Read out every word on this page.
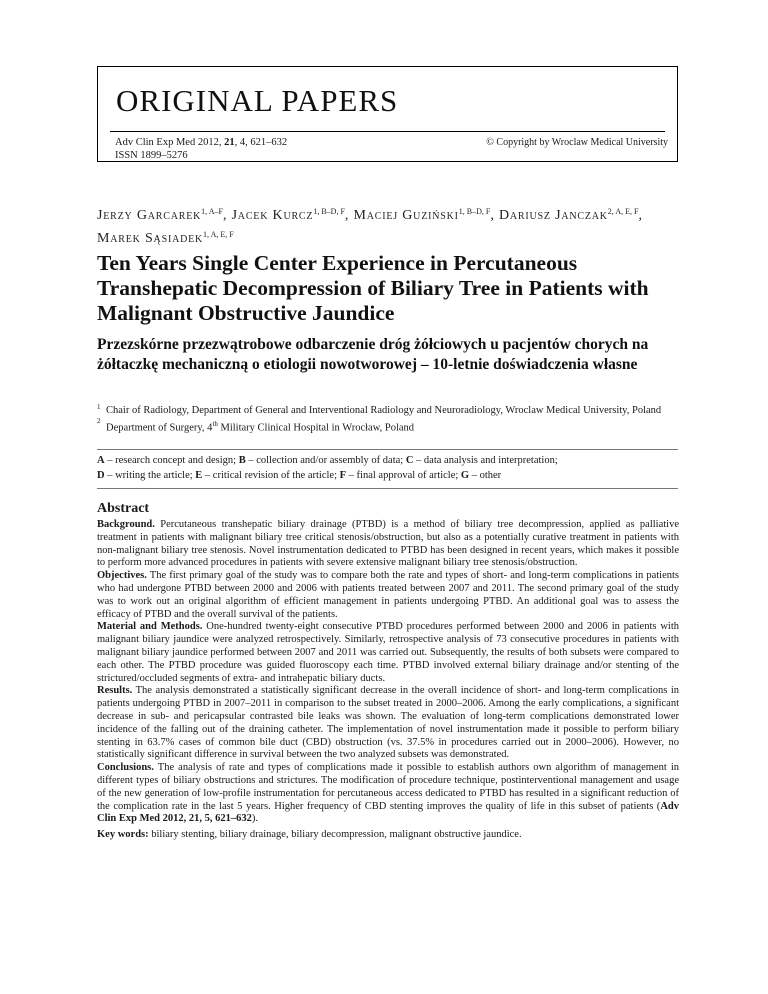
ORIGINAL PAPERS
Adv Clin Exp Med 2012, 21, 4, 621–632
ISSN 1899–5276
© Copyright by Wroclaw Medical University
Jerzy Garcarek$^{1, A-F}$, Jacek Kurcz$^{1, B-D, F}$, Maciej Guziński$^{1, B-D, F}$, Dariusz Janczak$^{2, A, E, F}$,
Marek Sąsiadek$^{1, A, E, F}$
Ten Years Single Center Experience in Percutaneous Transhepatic Decompression of Biliary Tree in Patients with Malignant Obstructive Jaundice
Przezskórne przezwątrobowe odbarczenie dróg żółciowych u pacjentów chorych na żółtaczkę mechaniczną o etiologii nowotworowej – 10-letnie doświadczenia własne
1 Chair of Radiology, Department of General and Interventional Radiology and Neuroradiology, Wroclaw Medical University, Poland
2
Department of Surgery, 4th Military Clinical Hospital in Wrocław, Poland
A – research concept and design; B – collection and/or assembly of data; C – data analysis and interpretation;
D – writing the article; E – critical revision of the article; F – final approval of article; G – other
Abstract

Background. Percutaneous transhepatic biliary drainage (PTBD) is a method of biliary tree decompression, applied as palliative treatment in patients with malignant biliary tree critical stenosis/obstruction, but also as a potentially curative treatment in patients with non-malignant biliary tree stenosis. Novel instrumentation dedicated to PTBD has been designed in recent years, which makes it possible to perform more advanced procedures in patients with severe extensive malignant biliary tree stenosis/obstruction.

Objectives. The first primary goal of the study was to compare both the rate and types of short- and long-term complications in patients who had undergone PTBD between 2000 and 2006 with patients treated between 2007 and 2011. The second primary goal of the study was to work out an original algorithm of efficient management in patients undergoing PTBD. An additional goal was to assess the efficacy of PTBD and the overall survival of the patients.

Material and Methods. One-hundred twenty-eight consecutive PTBD procedures performed between 2000 and 2006 in patients with malignant biliary jaundice were analyzed retrospectively. Similarly, retrospective analysis of 73 consecutive procedures in patients with malignant biliary jaundice performed between 2007 and 2011 was carried out. Subsequently, the results of both subsets were compared to each other. The PTBD procedure was guided fluoroscopy each time. PTBD involved external biliary drainage and/or stenting of the strictured/occluded segments of extra- and intrahepatic biliary ducts.

Results. The analysis demonstrated a statistically significant decrease in the overall incidence of short- and long-term complications in patients undergoing PTBD in 2007–2011 in comparison to the subset treated in 2000–2006. Among the early complications, a significant decrease in sub- and pericapsular contrasted bile leaks was shown. The evaluation of long-term complications demonstrated lower incidence of the falling out of the draining catheter. The implementation of novel instrumentation made it possible to perform biliary stenting in 63.7% cases of common bile duct (CBD) obstruction (vs. 37.5% in procedures carried out in 2000–2006). However, no statistically significant difference in survival between the two analyzed subsets was demonstrated.

Conclusions. The analysis of rate and types of complications made it possible to establish authors own algorithm of management in different types of biliary obstructions and strictures. The modification of procedure technique, postinterventional management and usage of the new generation of low-profile instrumentation for percutaneous access dedicated to PTBD has resulted in a significant reduction of the complication rate in the last 5 years. Higher frequency of CBD stenting improves the quality of life in this subset of patients (Adv Clin Exp Med 2012, 21, 5, 621–632).

Key words: biliary stenting, biliary drainage, biliary decompression, malignant obstructive jaundice.
